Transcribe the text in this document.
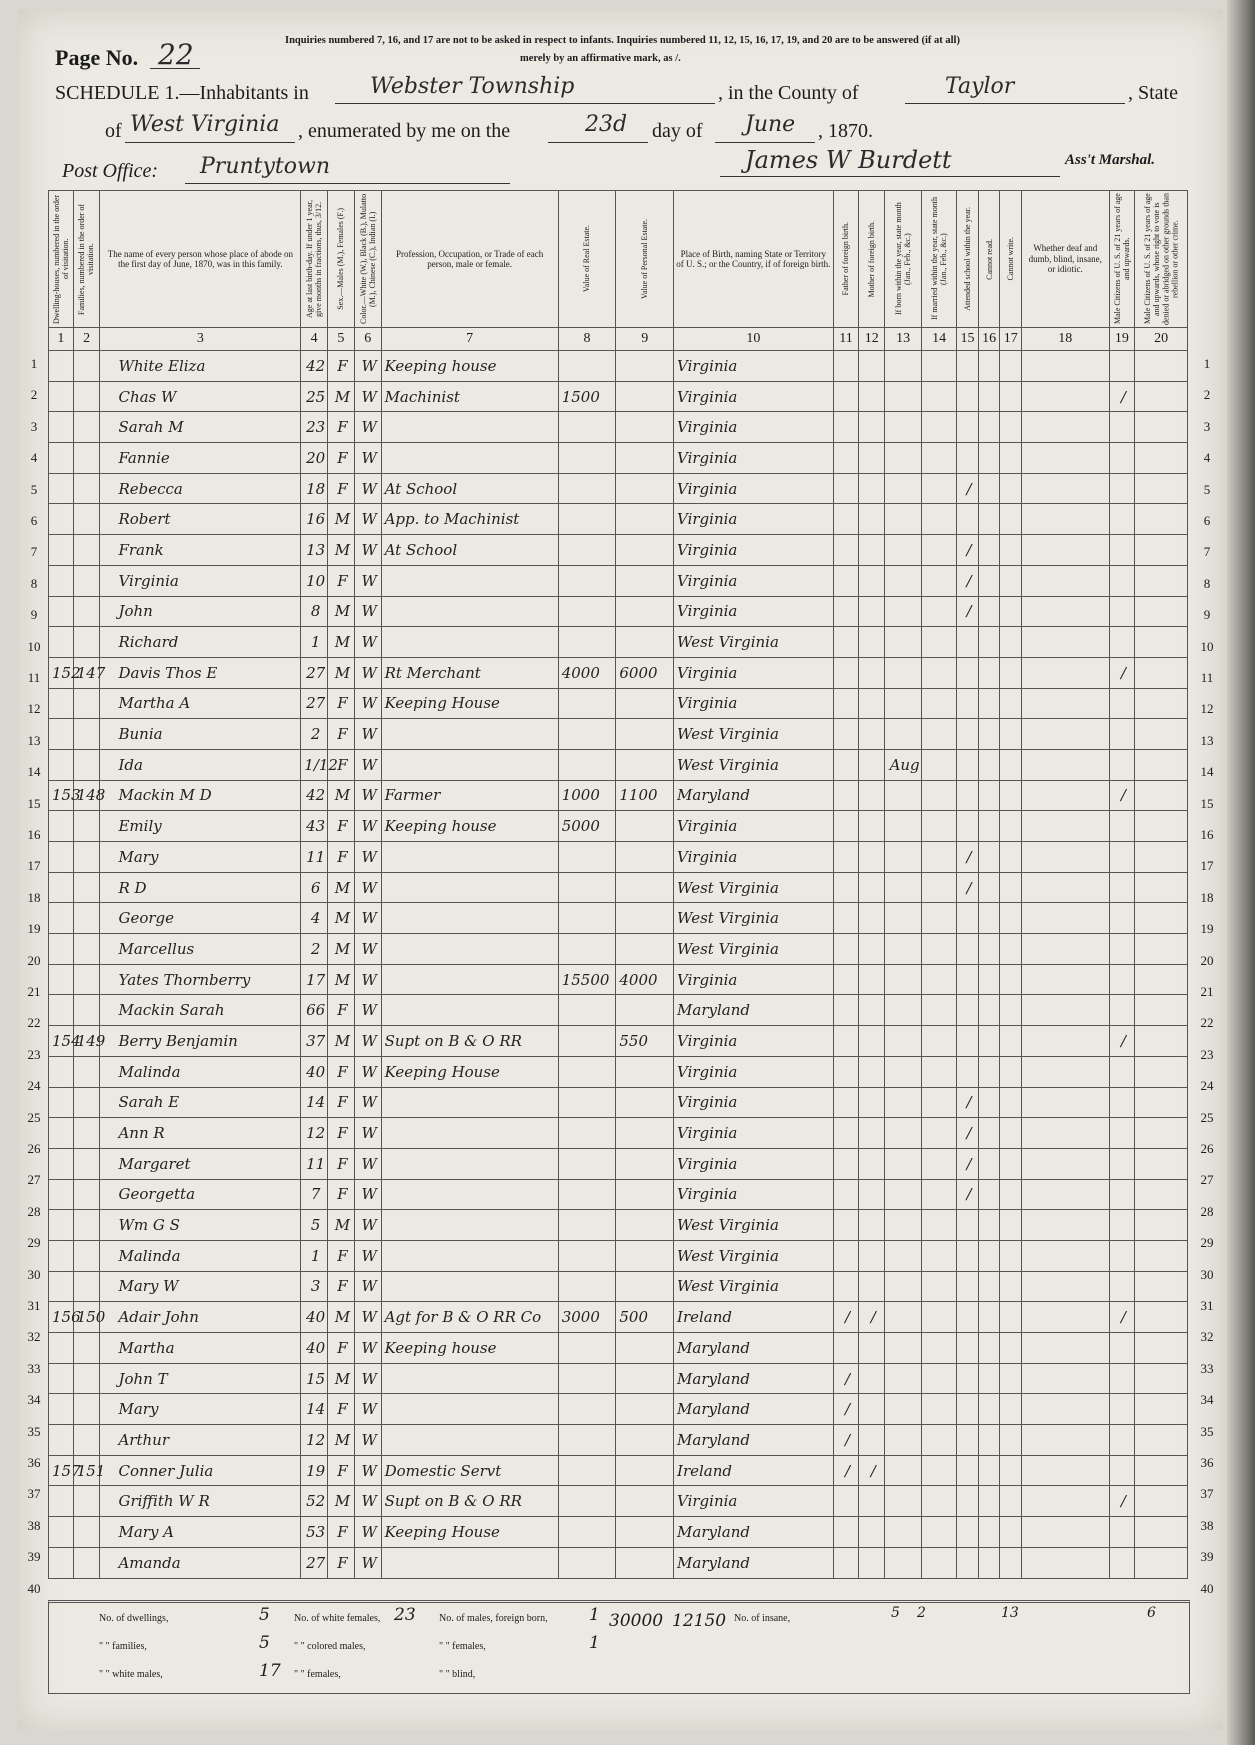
Page No. 22	Inquiries numbered 7, 16, and 17 are not to be asked in respect to infants. Inquiries numbered 11, 12, 15, 16, 17, 19, and 20 are to be answered (if at all)
merely by an affirmative mark, as /.
SCHEDULE 1.—Inhabitants in	Webster Township	, in the County of	Taylor	, State
of West Virginia , enumerated by me on the	23d day of June , 1870.
Post Office: Pruntytown	James W Burdett	Ass't Marshal.
Dwelling-houses, numbered in the order of visitation.	Families, numbered in the order of visitation.	The name of every person whose place of abode on the first day of June, 1870, was in this family.	Age at last birth-day. If under 1 year, give months in fractions, thus, 3/12.	Sex.—Males (M.), Females (F.)	Color.—White (W.), Black (B.), Mulatto (M.), Chinese (C.), Indian (I.)	Profession, Occupation, or Trade of each person, male or female.	Value of Real Estate.	Value of Personal Estate.	Place of Birth, naming State or Territory of U. S.; or the Country, if of foreign birth.	Father of foreign birth.	Mother of foreign birth.	If born within the year, state month (Jan., Feb., &c.)	If married within the year, state month (Jan., Feb., &c.)	Attended school within the year.	Cannot read.	Cannot write.	Whether deaf and dumb, blind, insane, or idiotic.	Male Citizens of U. S. of 21 years of age and upwards.	Male Citizens of U. S. of 21 years of age and upwards, whose right to vote is denied or abridged on other grounds than rebellion or other crime.

1	2	3	4	5	6	7	8	9	10	11	12	13	14	15	16	17	18	19	20
		White Eliza	42	F	W	Keeping house			Virginia										
		Chas W	25	M	W	Machinist	1500		Virginia									/	
		Sarah M	23	F	W				Virginia										
		Fannie	20	F	W				Virginia										
		Rebecca	18	F	W	At School			Virginia					/					
		Robert	16	M	W	App. to Machinist			Virginia										
		Frank	13	M	W	At School			Virginia					/					
		Virginia	10	F	W				Virginia					/					
		John	8	M	W				Virginia					/					
		Richard	1	M	W				West Virginia										
152	147	Davis Thos E	27	M	W	Rt Merchant	4000	6000	Virginia									/	
		Martha A	27	F	W	Keeping House			Virginia										
		Bunia	2	F	W				West Virginia										
		Ida	1/12	F	W				West Virginia			Aug							
153	148	Mackin M D	42	M	W	Farmer	1000	1100	Maryland									/	
		Emily	43	F	W	Keeping house	5000		Virginia										
		Mary	11	F	W				Virginia					/					
		R D	6	M	W				West Virginia					/					
		George	4	M	W				West Virginia										
		Marcellus	2	M	W				West Virginia										
		Yates Thornberry	17	M	W		15500	4000	Virginia										
		Mackin Sarah	66	F	W				Maryland										
154	149	Berry Benjamin	37	M	W	Supt on B & O RR		550	Virginia									/	
		Malinda	40	F	W	Keeping House			Virginia										
		Sarah E	14	F	W				Virginia					/					
		Ann R	12	F	W				Virginia					/					
		Margaret	11	F	W				Virginia					/					
		Georgetta	7	F	W				Virginia					/					
		Wm G S	5	M	W				West Virginia										
		Malinda	1	F	W				West Virginia										
		Mary W	3	F	W				West Virginia										
156	150	Adair John	40	M	W	Agt for B & O RR Co	3000	500	Ireland	/	/							/	
		Martha	40	F	W	Keeping house			Maryland										
		John T	15	M	W				Maryland	/									
		Mary	14	F	W				Maryland	/									
		Arthur	12	M	W				Maryland	/									
157	151	Conner Julia	19	F	W	Domestic Servt			Ireland	/	/								
		Griffith W R	52	M	W	Supt on B & O RR			Virginia									/	
		Mary A	53	F	W	Keeping House			Maryland										
		Amanda	27	F	W				Maryland										
1
1
2
2
3
3
4
4
5
5
6
6
7
7
8
8
9
9
10
10
11
11
12
12
13
13
14
14
15
15
16
16
17
17
18
18
19
19
20
20
21
21
22
22
23
23
24
24
25
25
26
26
27
27
28
28
29
29
30
30
31
31
32
32
33
33
34
34
35
35
36
36
37
37
38
38
39
39
40
40
No. of dwellings,	5
" " families,	5
" " white males,	17
No. of white females, 23
" " colored males,
" " females,
No. of males, foreign born, 1
" " females,	1
" " blind,
30000 12150 No. of insane,	5 2	13	6
